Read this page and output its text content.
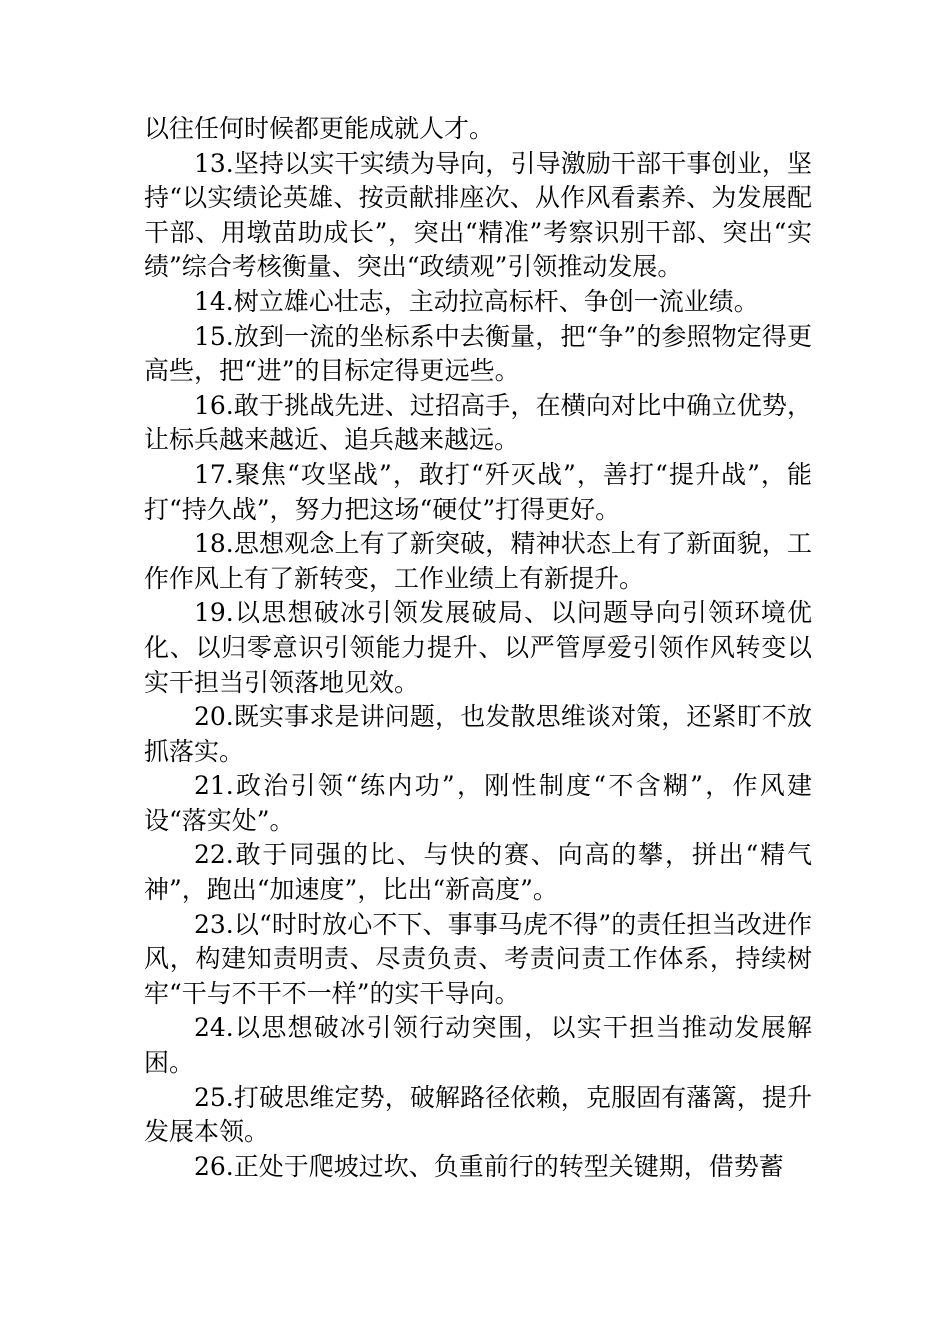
以往任何时候都更能成就人才。

13.坚持以实干实绩为导向，引导激励干部干事创业，坚持“以实绩论英雄、按贡献排座次、从作风看素养、为发展配干部、用墩苗助成长”，突出“精准”考察识别干部、突出“实绩”综合考核衡量、突出“政绩观”引领推动发展。

14.树立雄心壮志，主动拉高标杆、争创一流业绩。

15.放到一流的坐标系中去衡量，把“争”的参照物定得更高些，把“进”的目标定得更远些。

16.敢于挑战先进、过招高手，在横向对比中确立优势，让标兵越来越近、追兵越来越远。

17.聚焦“攻坚战”，敢打“歼灭战”，善打“提升战”，能打“持久战”，努力把这场“硬仗”打得更好。

18.思想观念上有了新突破，精神状态上有了新面貌，工作作风上有了新转变，工作业绩上有新提升。

19.以思想破冰引领发展破局、以问题导向引领环境优化、以归零意识引领能力提升、以严管厚爱引领作风转变以实干担当引领落地见效。

20.既实事求是讲问题，也发散思维谈对策，还紧盯不放抓落实。

21.政治引领“练内功”，刚性制度“不含糊”，作风建设“落实处”。

22.敢于同强的比、与快的赛、向高的攀，拼出“精气神”，跑出“加速度”，比出“新高度”。

23.以“时时放心不下、事事马虎不得”的责任担当改进作风，构建知责明责、尽责负责、考责问责工作体系，持续树牢“干与不干不一样”的实干导向。

24.以思想破冰引领行动突围，以实干担当推动发展解困。

25.打破思维定势，破解路径依赖，克服固有藩篱，提升发展本领。

26.正处于爬坡过坎、负重前行的转型关键期，借势蓄
